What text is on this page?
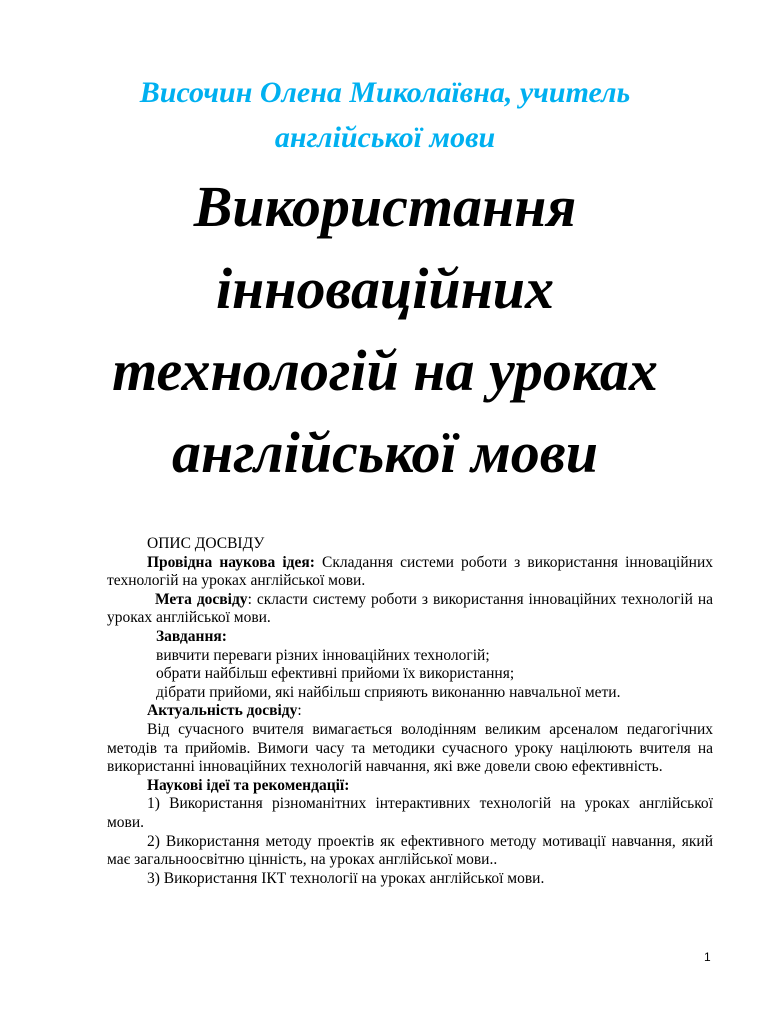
Височин Олена Миколаївна, учитель англійської мови
Використання інноваційних технологій на уроках англійської мови

ОПИС ДОСВІДУ

Провідна наукова ідея: Складання системи роботи з використання інноваційних технологій на уроках англійської мови.

Мета досвіду: скласти систему роботи з використання інноваційних технологій на уроках англійської мови.

Завдання:

вивчити переваги різних інноваційних технологій;

обрати найбільш ефективні прийоми їх використання;

дібрати прийоми, які найбільш сприяють виконанню навчальної мети.

Актуальність досвіду:

Від сучасного вчителя вимагається володінням великим арсеналом педагогічних методів та прийомів. Вимоги часу та методики сучасного уроку націлюють вчителя на використанні інноваційних технологій навчання, які вже довели свою ефективність.

Наукові ідеї та рекомендації:

1) Використання різноманітних інтерактивних технологій на уроках англійської мови.

2) Використання методу проектів як ефективного методу мотивації навчання, який має загальноосвітню цінність, на уроках англійської мови..

3) Використання ІКТ технології на уроках англійської мови.

1
